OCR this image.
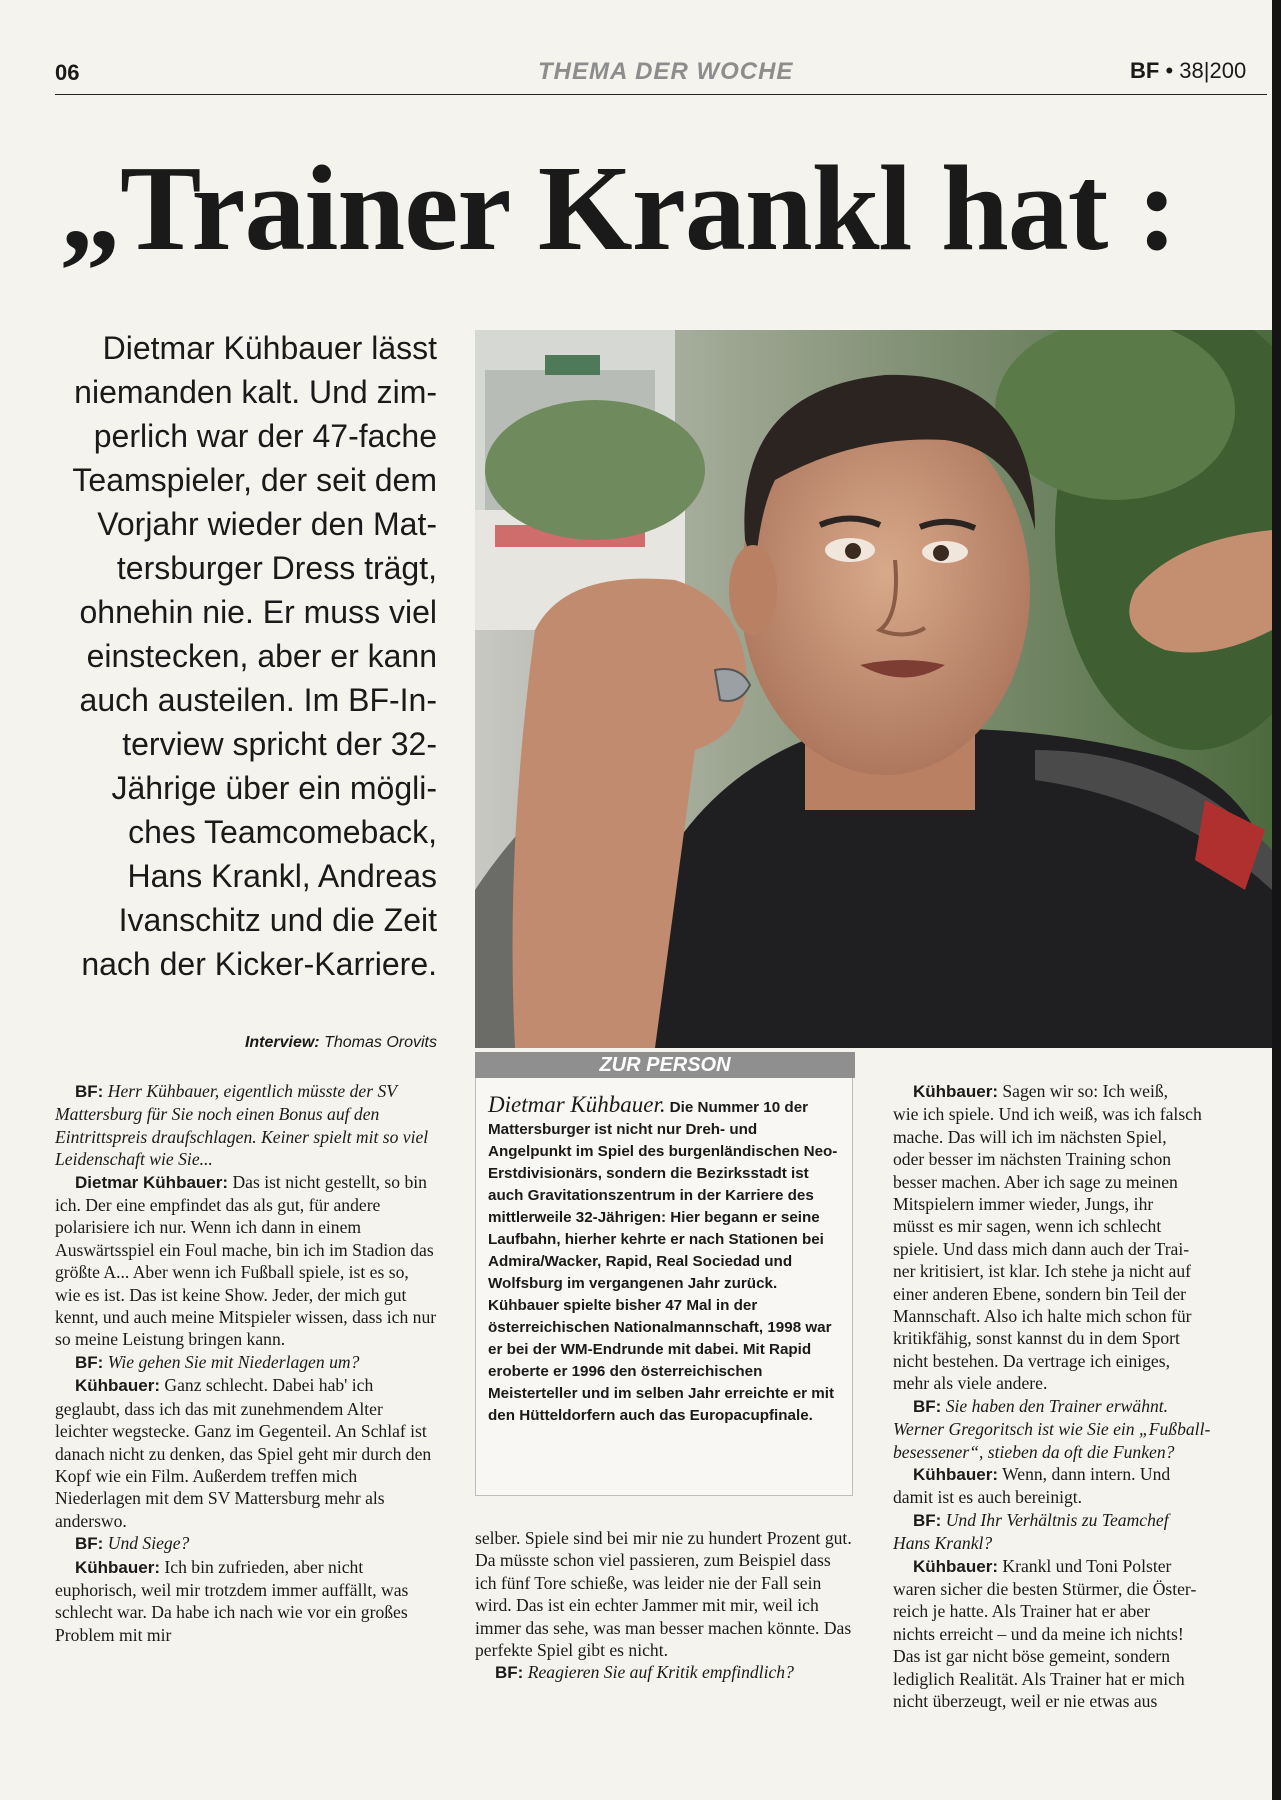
06	THEMA DER WOCHE	BF • 38|200
„Trainer Krankl hat :
Dietmar Kühbauer lässt
niemanden kalt. Und zim-
perlich war der 47-fache
Teamspieler, der seit dem
Vorjahr wieder den Mat-
tersburger Dress trägt,
ohnehin nie. Er muss viel
einstecken, aber er kann
auch austeilen. Im BF-In-
terview spricht der 32-
Jährige über ein mögli-
ches Teamcomeback,
Hans Krankl, Andreas
Ivanschitz und die Zeit
nach der Kicker-Karriere.
Interview: Thomas Orovits
ZUR PERSON
Dietmar Kühbauer. Die Nummer 10 der Mattersburger ist nicht nur Dreh- und Angelpunkt im Spiel des burgenländischen Neo-Erstdivisionärs, sondern die Bezirksstadt ist auch Gravitationszentrum in der Karriere des mittlerweile 32-Jährigen: Hier begann er seine Laufbahn, hierher kehrte er nach Stationen bei Admira/Wacker, Rapid, Real Sociedad und Wolfsburg im vergangenen Jahr zurück. Kühbauer spielte bisher 47 Mal in der österreichischen Nationalmannschaft, 1998 war er bei der WM-Endrunde mit dabei. Mit Rapid eroberte er 1996 den österreichischen Meisterteller und im selben Jahr erreichte er mit den Hütteldorfern auch das Europacupfinale.

BF: Herr Kühbauer, eigentlich müsste der SV Mattersburg für Sie noch einen Bonus auf den Eintrittspreis draufschlagen. Keiner spielt mit so viel Leidenschaft wie Sie...

Dietmar Kühbauer: Das ist nicht gestellt, so bin ich. Der eine empfindet das als gut, für andere polarisiere ich nur. Wenn ich dann in einem Auswärtsspiel ein Foul mache, bin ich im Stadion das größte A... Aber wenn ich Fußball spiele, ist es so, wie es ist. Das ist keine Show. Jeder, der mich gut kennt, und auch meine Mitspieler wissen, dass ich nur so meine Leistung bringen kann.

BF: Wie gehen Sie mit Niederlagen um?

Kühbauer: Ganz schlecht. Dabei hab' ich geglaubt, dass ich das mit zunehmendem Alter leichter wegstecke. Ganz im Gegenteil. An Schlaf ist danach nicht zu denken, das Spiel geht mir durch den Kopf wie ein Film. Außerdem treffen mich Niederlagen mit dem SV Mattersburg mehr als anderswo.

BF: Und Siege?

Kühbauer: Ich bin zufrieden, aber nicht euphorisch, weil mir trotzdem immer auffällt, was schlecht war. Da habe ich nach wie vor ein großes Problem mit mir

selber. Spiele sind bei mir nie zu hundert Prozent gut. Da müsste schon viel passieren, zum Beispiel dass ich fünf Tore schieße, was leider nie der Fall sein wird. Das ist ein echter Jammer mit mir, weil ich immer das sehe, was man besser machen könnte. Das perfekte Spiel gibt es nicht.

BF: Reagieren Sie auf Kritik empfindlich?

Kühbauer: Sagen wir so: Ich weiß,

wie ich spiele. Und ich weiß, was ich falsch

mache. Das will ich im nächsten Spiel,

oder besser im nächsten Training schon

besser machen. Aber ich sage zu meinen

Mitspielern immer wieder, Jungs, ihr

müsst es mir sagen, wenn ich schlecht

spiele. Und dass mich dann auch der Trai-

ner kritisiert, ist klar. Ich stehe ja nicht auf

einer anderen Ebene, sondern bin Teil der

Mannschaft. Also ich halte mich schon für

kritikfähig, sonst kannst du in dem Sport

nicht bestehen. Da vertrage ich einiges,

mehr als viele andere.

BF: Sie haben den Trainer erwähnt.

Werner Gregoritsch ist wie Sie ein „Fußball-

besessener“, stieben da oft die Funken?

Kühbauer: Wenn, dann intern. Und

damit ist es auch bereinigt.

BF: Und Ihr Verhältnis zu Teamchef

Hans Krankl?

Kühbauer: Krankl und Toni Polster

waren sicher die besten Stürmer, die Öster-

reich je hatte. Als Trainer hat er aber

nichts erreicht – und da meine ich nichts!

Das ist gar nicht böse gemeint, sondern

lediglich Realität. Als Trainer hat er mich

nicht überzeugt, weil er nie etwas aus
